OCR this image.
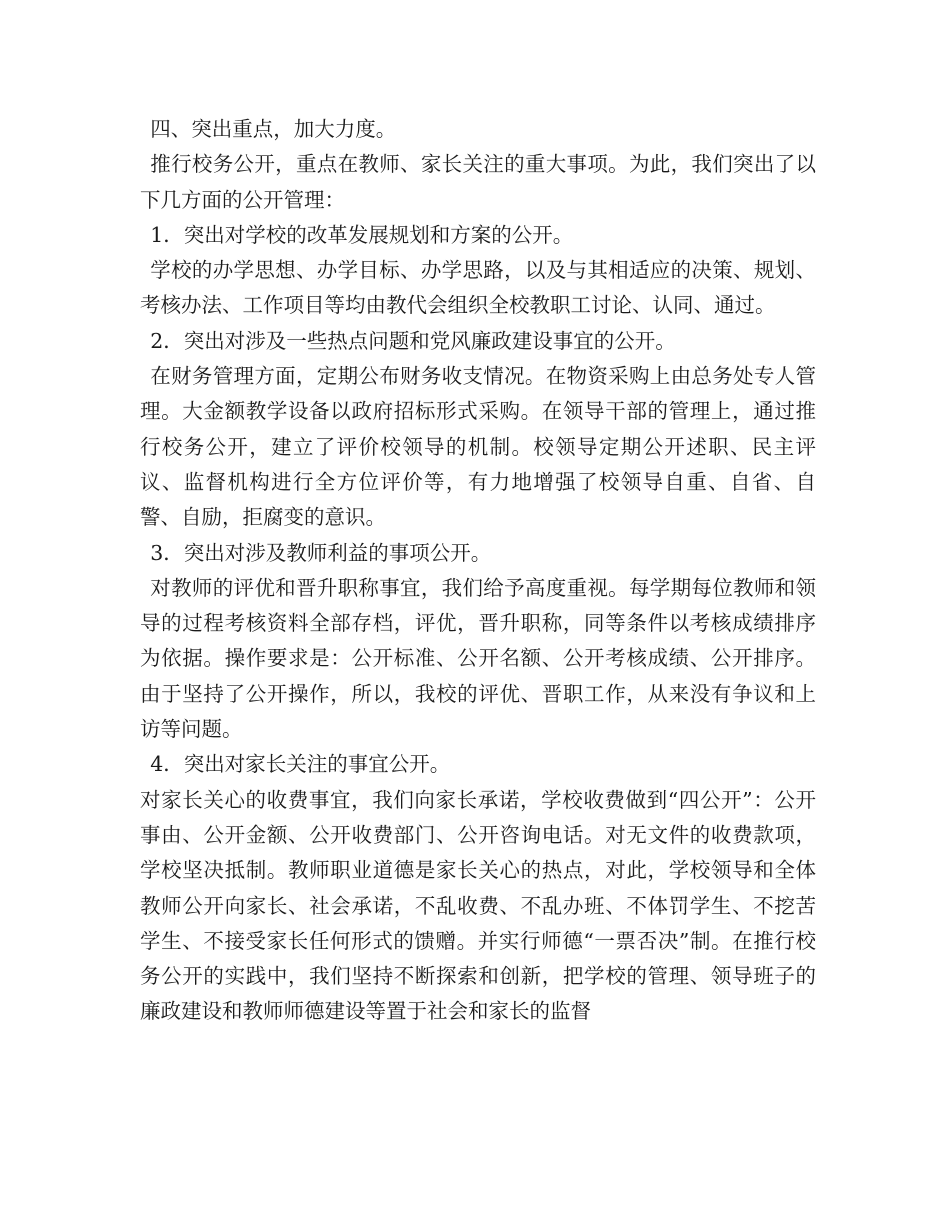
四、突出重点，加大力度。

推行校务公开，重点在教师、家长关注的重大事项。为此，我们突出了以下几方面的公开管理：

1．突出对学校的改革发展规划和方案的公开。

学校的办学思想、办学目标、办学思路，以及与其相适应的决策、规划、考核办法、工作项目等均由教代会组织全校教职工讨论、认同、通过。

2．突出对涉及一些热点问题和党风廉政建设事宜的公开。

在财务管理方面，定期公布财务收支情况。在物资采购上由总务处专人管理。大金额教学设备以政府招标形式采购。在领导干部的管理上，通过推行校务公开，建立了评价校领导的机制。校领导定期公开述职、民主评议、监督机构进行全方位评价等，有力地增强了校领导自重、自省、自警、自励，拒腐变的意识。

3．突出对涉及教师利益的事项公开。

对教师的评优和晋升职称事宜，我们给予高度重视。每学期每位教师和领导的过程考核资料全部存档，评优，晋升职称，同等条件以考核成绩排序为依据。操作要求是：公开标准、公开名额、公开考核成绩、公开排序。由于坚持了公开操作，所以，我校的评优、晋职工作，从来没有争议和上访等问题。

4．突出对家长关注的事宜公开。

对家长关心的收费事宜，我们向家长承诺，学校收费做到“四公开”：公开事由、公开金额、公开收费部门、公开咨询电话。对无文件的收费款项，学校坚决抵制。教师职业道德是家长关心的热点，对此，学校领导和全体教师公开向家长、社会承诺，不乱收费、不乱办班、不体罚学生、不挖苦学生、不接受家长任何形式的馈赠。并实行师德“一票否决”制。在推行校务公开的实践中，我们坚持不断探索和创新，把学校的管理、领导班子的廉政建设和教师师德建设等置于社会和家长的监督
